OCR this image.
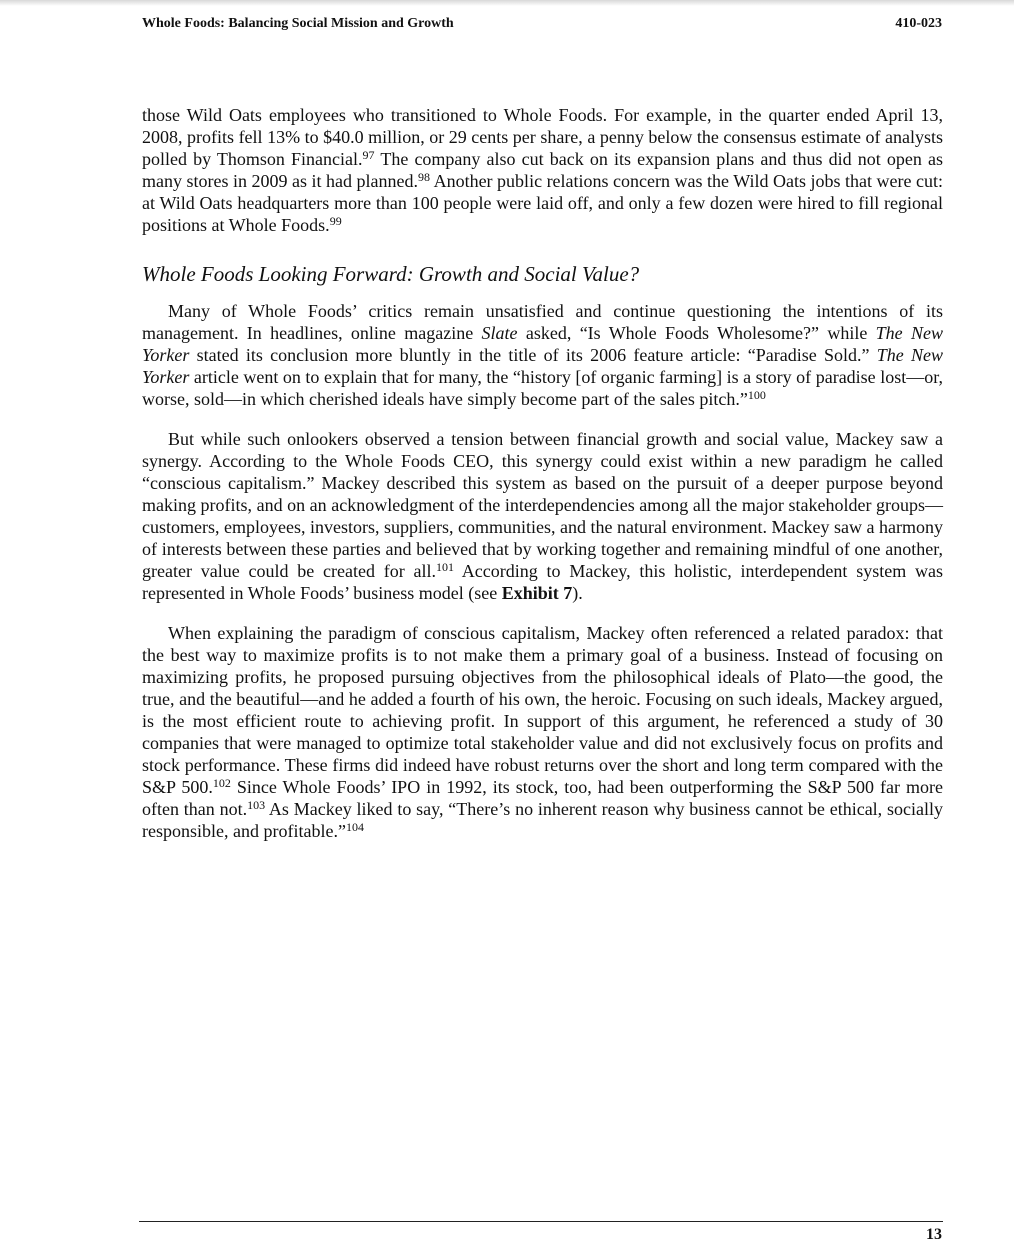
Whole Foods: Balancing Social Mission and Growth	410-023

those Wild Oats employees who transitioned to Whole Foods. For example, in the quarter ended April 13, 2008, profits fell 13% to $40.0 million, or 29 cents per share, a penny below the consensus estimate of analysts polled by Thomson Financial.$^{97}$ The company also cut back on its expansion plans and thus did not open as many stores in 2009 as it had planned.$^{98}$ Another public relations concern was the Wild Oats jobs that were cut: at Wild Oats headquarters more than 100 people were laid off, and only a few dozen were hired to fill regional positions at Whole Foods.$^{99}$

Whole Foods Looking Forward: Growth and Social Value?

Many of Whole Foods’ critics remain unsatisfied and continue questioning the intentions of its management. In headlines, online magazine Slate asked, “Is Whole Foods Wholesome?” while The New Yorker stated its conclusion more bluntly in the title of its 2006 feature article: “Paradise Sold.” The New Yorker article went on to explain that for many, the “history [of organic farming] is a story of paradise lost—or, worse, sold—in which cherished ideals have simply become part of the sales pitch.”$^{100}$

But while such onlookers observed a tension between financial growth and social value, Mackey saw a synergy. According to the Whole Foods CEO, this synergy could exist within a new paradigm he called “conscious capitalism.” Mackey described this system as based on the pursuit of a deeper purpose beyond making profits, and on an acknowledgment of the interdependencies among all the major stakeholder groups—customers, employees, investors, suppliers, communities, and the natural environment. Mackey saw a harmony of interests between these parties and believed that by working together and remaining mindful of one another, greater value could be created for all.$^{101}$ According to Mackey, this holistic, interdependent system was represented in Whole Foods’ business model (see Exhibit 7).

When explaining the paradigm of conscious capitalism, Mackey often referenced a related paradox: that the best way to maximize profits is to not make them a primary goal of a business. Instead of focusing on maximizing profits, he proposed pursuing objectives from the philosophical ideals of Plato—the good, the true, and the beautiful—and he added a fourth of his own, the heroic. Focusing on such ideals, Mackey argued, is the most efficient route to achieving profit. In support of this argument, he referenced a study of 30 companies that were managed to optimize total stakeholder value and did not exclusively focus on profits and stock performance. These firms did indeed have robust returns over the short and long term compared with the S&P 500.$^{102}$ Since Whole Foods’ IPO in 1992, its stock, too, had been outperforming the S&P 500 far more often than not.$^{103}$ As Mackey liked to say, “There’s no inherent reason why business cannot be ethical, socially responsible, and profitable.”$^{104}$

13
